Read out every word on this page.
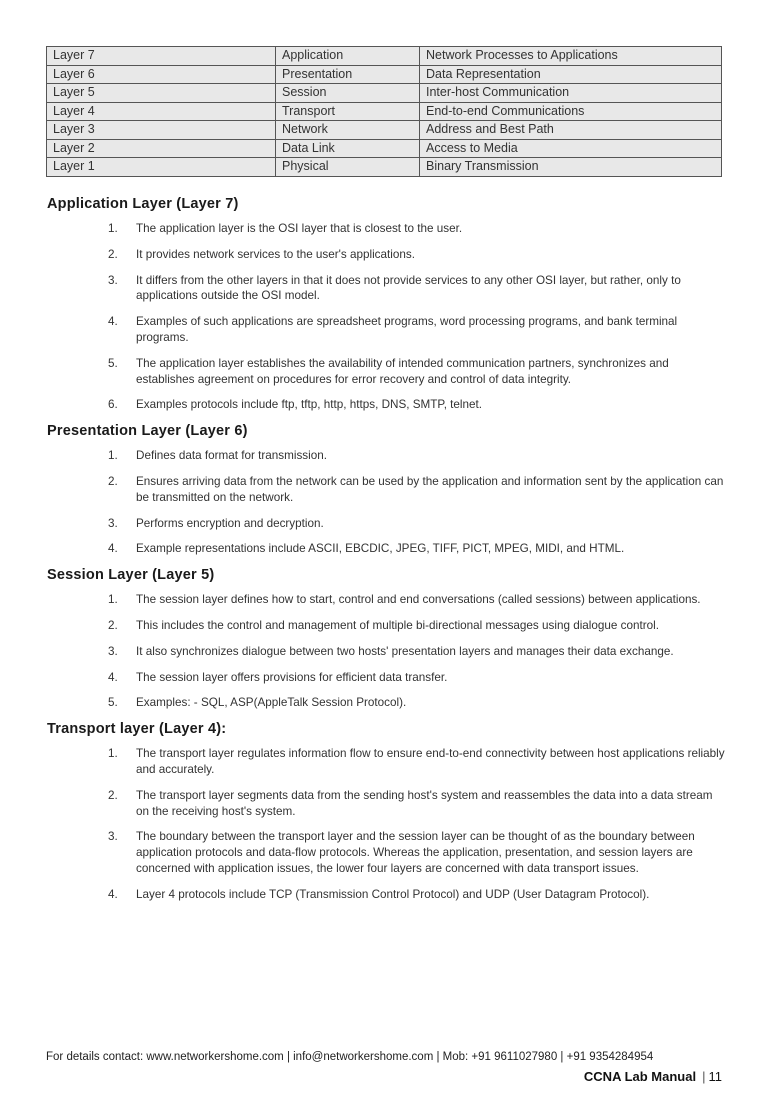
Layer 7	Application	Network Processes to Applications
Layer 6	Presentation	Data Representation
Layer 5	Session	Inter-host Communication
Layer 4	Transport	End-to-end Communications
Layer 3	Network	Address and Best Path
Layer 2	Data Link	Access to Media
Layer 1	Physical	Binary Transmission
Application Layer (Layer 7)
1.	The application layer is the OSI layer that is closest to the user.
2.	It provides network services to the user's applications.
3.	It differs from the other layers in that it does not provide services to any other OSI layer, but rather, only to applications outside the OSI model.
4.	Examples of such applications are spreadsheet programs, word processing programs, and bank terminal programs.
5.	The application layer establishes the availability of intended communication partners, synchronizes and establishes agreement on procedures for error recovery and control of data integrity.
6.	Examples protocols include ftp, tftp, http, https, DNS, SMTP, telnet.
Presentation Layer (Layer 6)
1.	Defines data format for transmission.
2.	Ensures arriving data from the network can be used by the application and information sent by the application can be transmitted on the network.
3.	Performs encryption and decryption.
4.	Example representations include ASCII, EBCDIC, JPEG, TIFF, PICT, MPEG, MIDI, and HTML.
Session Layer (Layer 5)
1.	The session layer defines how to start, control and end conversations (called sessions) between applications.
2.	This includes the control and management of multiple bi-directional messages using dialogue control.
3.	It also synchronizes dialogue between two hosts' presentation layers and manages their data exchange.
4.	The session layer offers provisions for efficient data transfer.
5.	Examples: - SQL, ASP(AppleTalk Session Protocol).
Transport layer (Layer 4):
1.	The transport layer regulates information flow to ensure end-to-end connectivity between host applications reliably and accurately.
2.	The transport layer segments data from the sending host's system and reassembles the data into a data stream on the receiving host's system.
3.	The boundary between the transport layer and the session layer can be thought of as the boundary between application protocols and data-flow protocols. Whereas the application, presentation, and session layers are concerned with application issues, the lower four layers are concerned with data transport issues.
4.	Layer 4 protocols include TCP (Transmission Control Protocol) and UDP (User Datagram Protocol).
For details contact: www.networkershome.com | info@networkershome.com | Mob: +91 9611027980 | +91 9354284954
CCNA Lab Manual | 11
